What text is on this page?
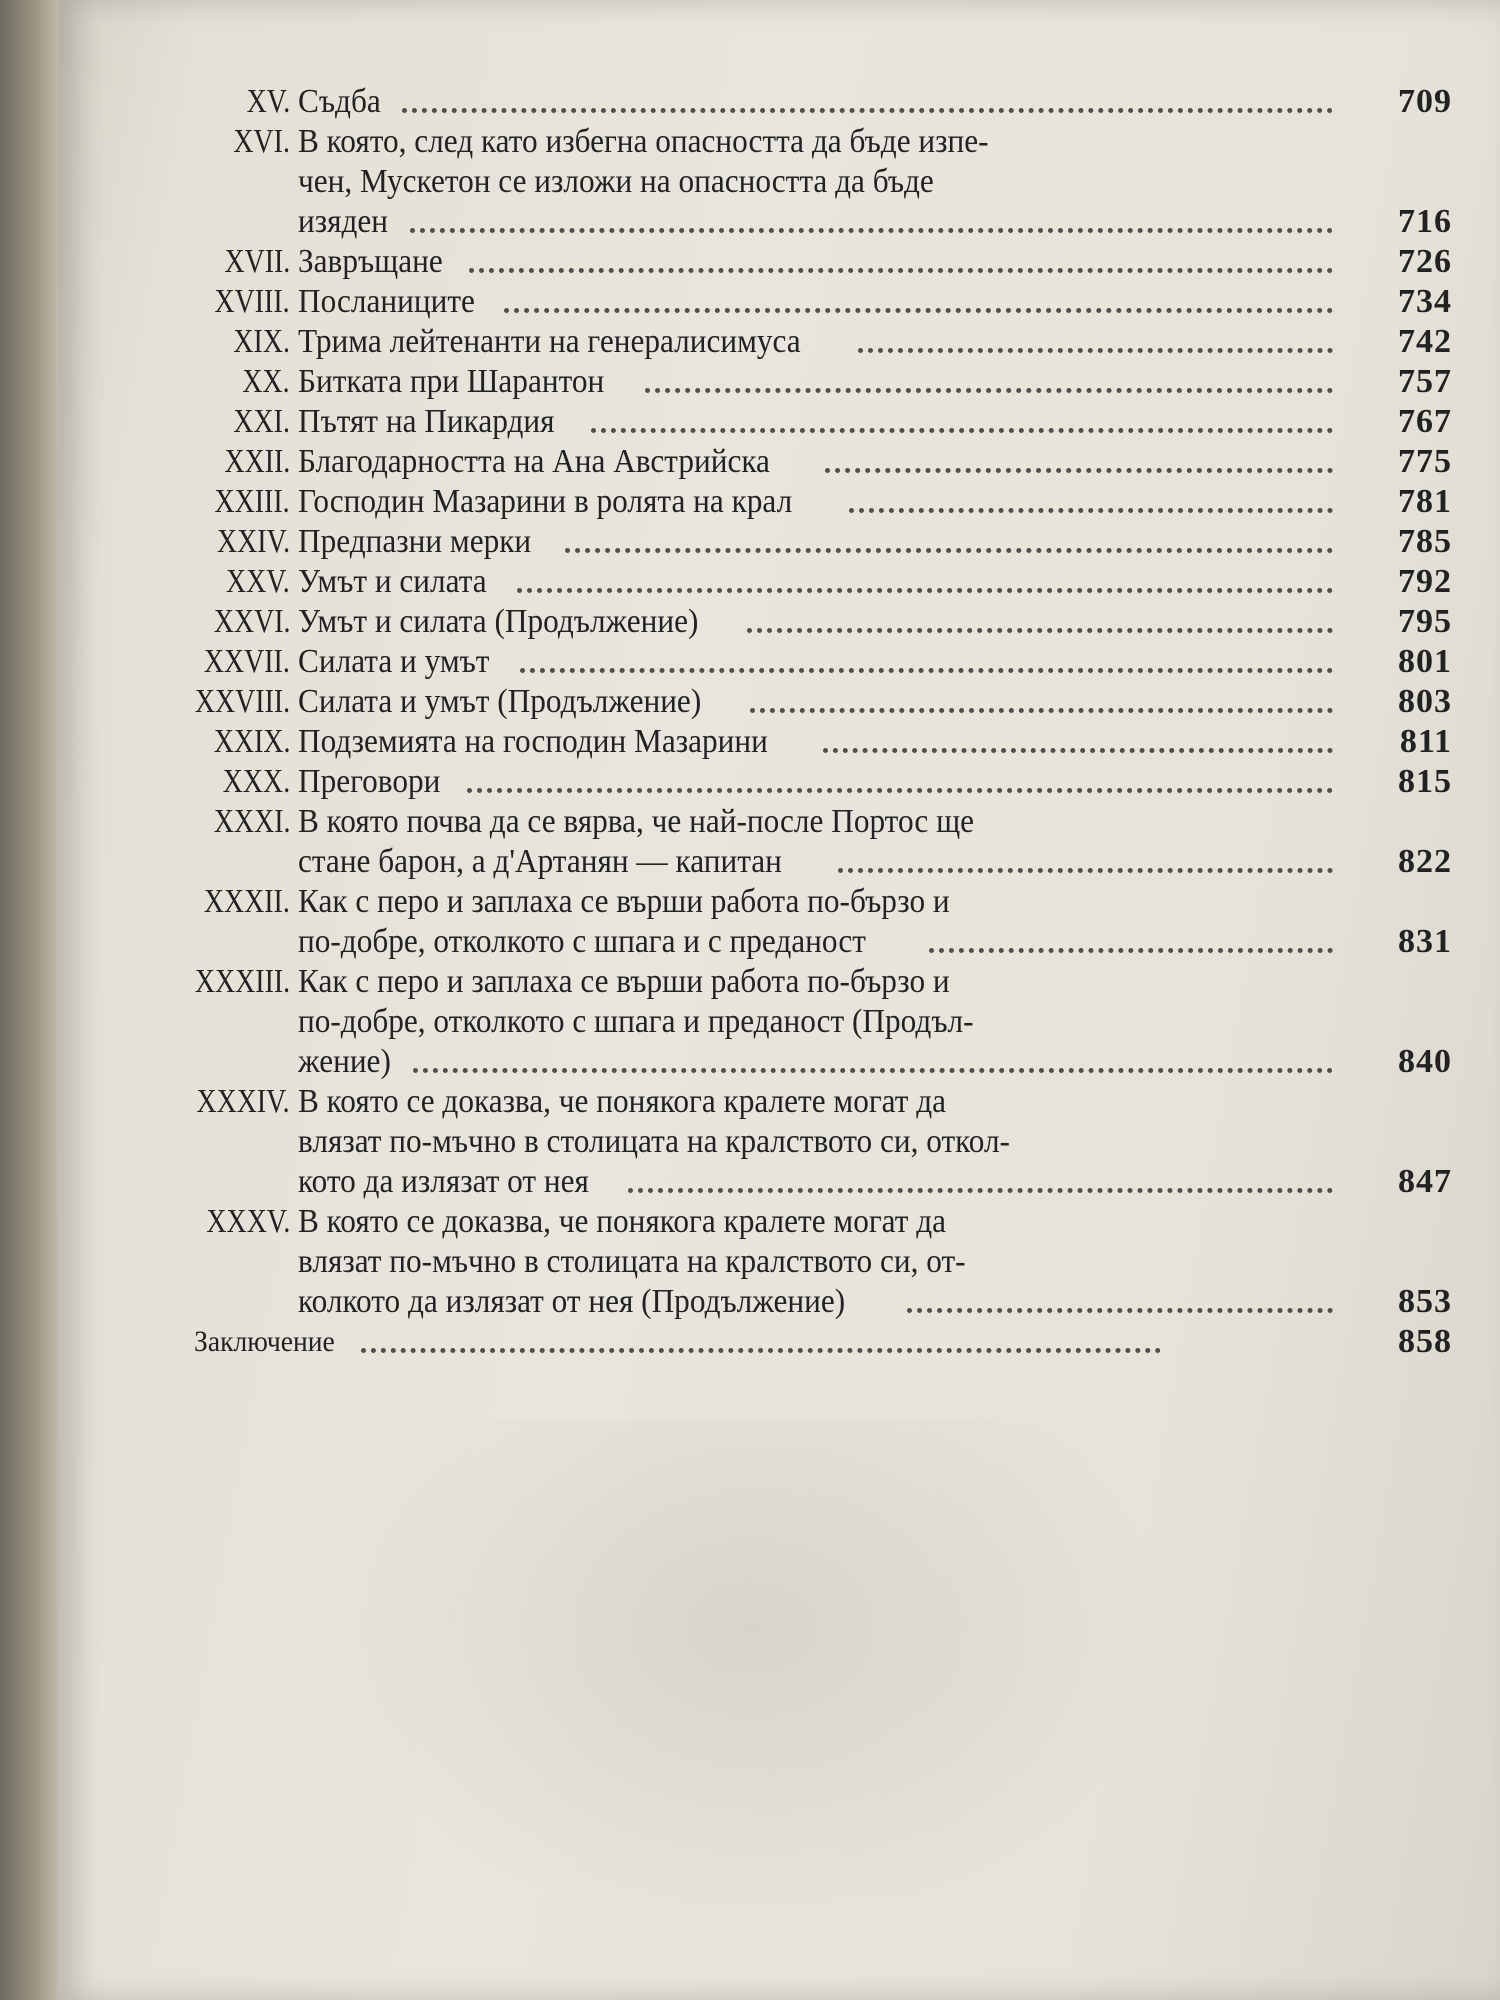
XV. Съдба	709
XVI. В която, след като избегна опасността да бъде изпе-
чен, Мускетон се изложи на опасността да бъде
изяден	716
XVII. Завръщане	726
XVIII. Посланиците	734
XIX. Трима лейтенанти на генералисимуса	742
XX. Битката при Шарантон	757
XXI. Пътят на Пикардия	767
XXII. Благодарността на Ана Австрийска	775
XXIII. Господин Мазарини в ролята на крал	781
XXIV. Предпазни мерки	785
XXV. Умът и силата	792
XXVI. Умът и силата (Продължение)	795
XXVII. Силата и умът	801
XXVIII. Силата и умът (Продължение)	803
XXIX. Подземията на господин Мазарини	811
XXX. Преговори	815
XXXI. В която почва да се вярва, че най-после Портос ще
стане барон, а д'Артанян — капитан	822
XXXII. Как с перо и заплаха се върши работа по-бързо и
по-добре, отколкото с шпага и с преданост	831
XXXIII. Как с перо и заплаха се върши работа по-бързо и
по-добре, отколкото с шпага и преданост (Продъл-
жение)	840
XXXIV. В която се доказва, че понякога кралете могат да
влязат по-мъчно в столицата на кралството си, откол-
кото да излязат от нея	847
XXXV. В която се доказва, че понякога кралете могат да
влязат по-мъчно в столицата на кралството си, от-
колкото да излязат от нея (Продължение)	853
Заключение	858
